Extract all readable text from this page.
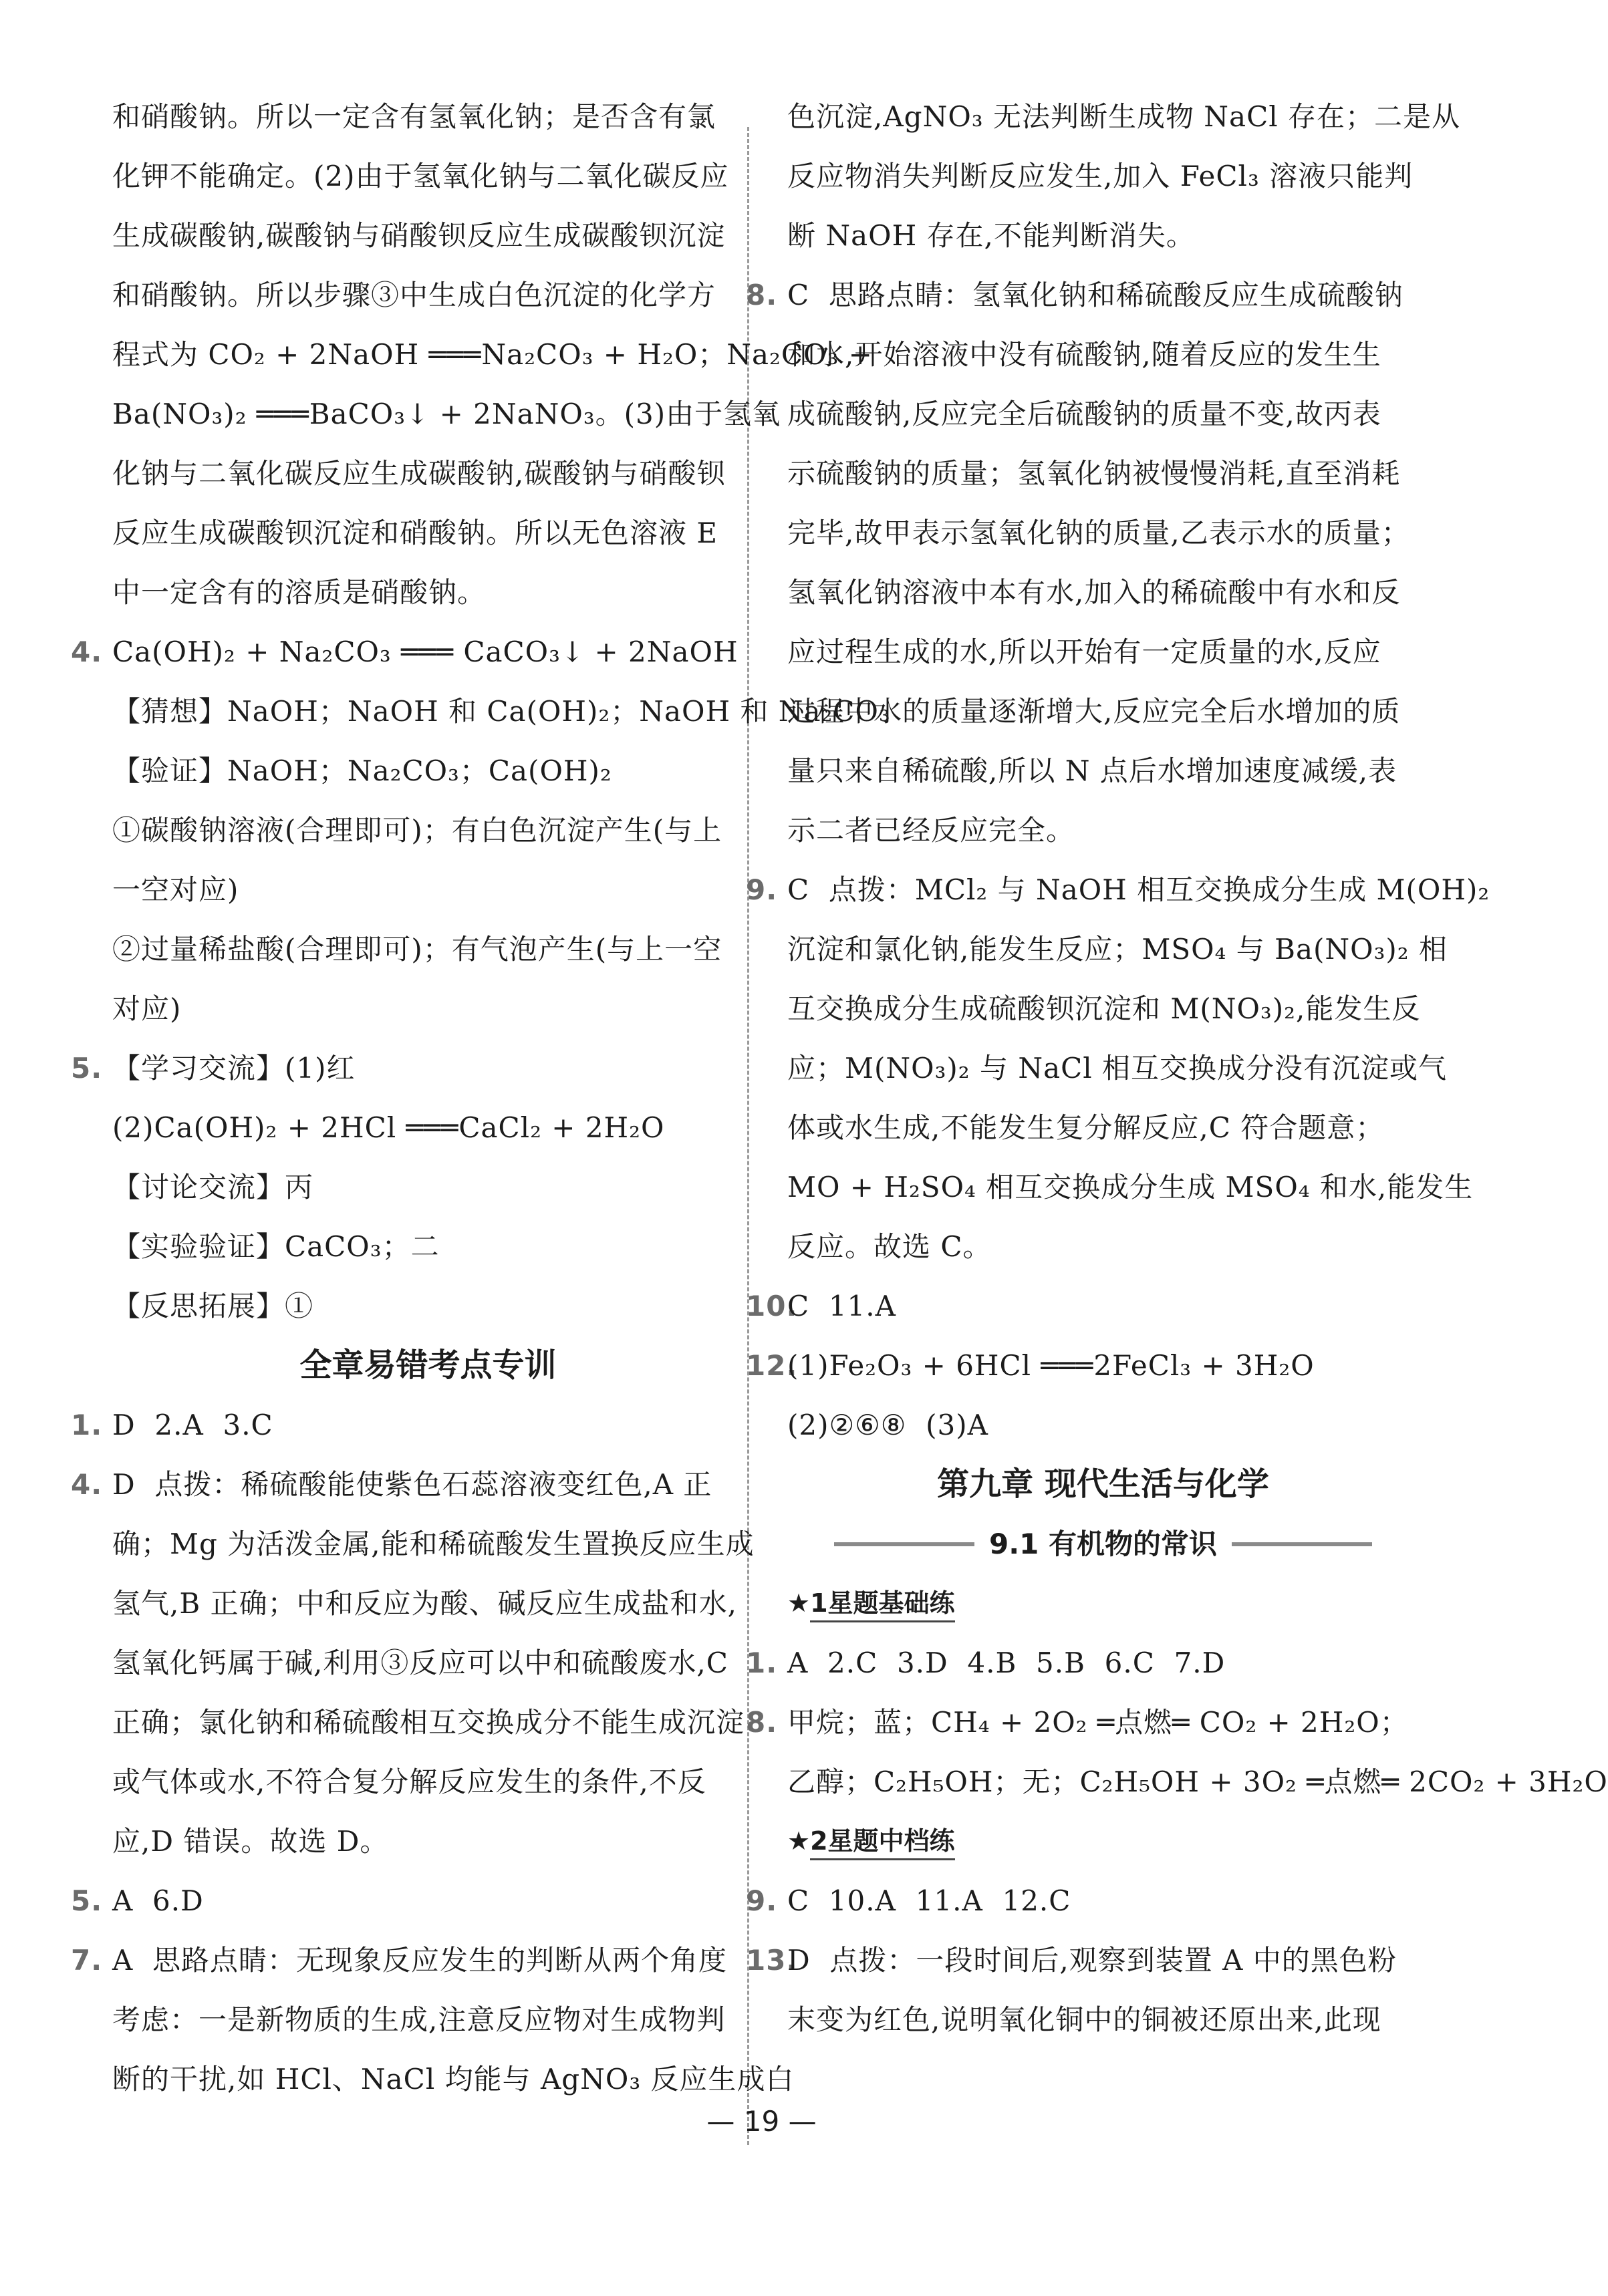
和硝酸钠。所以一定含有氢氧化钠；是否含有氯
化钾不能确定。(2)由于氢氧化钠与二氧化碳反应
生成碳酸钠,碳酸钠与硝酸钡反应生成碳酸钡沉淀
和硝酸钠。所以步骤③中生成白色沉淀的化学方
程式为 CO₂ + 2NaOH ═══Na₂CO₃ + H₂O；Na₂CO₃ +
Ba(NO₃)₂ ═══BaCO₃↓ + 2NaNO₃。(3)由于氢氧
化钠与二氧化碳反应生成碳酸钠,碳酸钠与硝酸钡
反应生成碳酸钡沉淀和硝酸钠。所以无色溶液 E
中一定含有的溶质是硝酸钠。
4. Ca(OH)₂ + Na₂CO₃ ═══ CaCO₃↓ + 2NaOH
【猜想】NaOH；NaOH 和 Ca(OH)₂；NaOH 和 Na₂CO₃
【验证】NaOH；Na₂CO₃；Ca(OH)₂
①碳酸钠溶液(合理即可)；有白色沉淀产生(与上
一空对应)
②过量稀盐酸(合理即可)；有气泡产生(与上一空
对应)
5. 【学习交流】(1)红
(2)Ca(OH)₂ + 2HCl ═══CaCl₂ + 2H₂O
【讨论交流】丙
【实验验证】CaCO₃；二
【反思拓展】①
全章易错考点专训
1. D  2.A  3.C
4. D  点拨：稀硫酸能使紫色石蕊溶液变红色,A 正
确；Mg 为活泼金属,能和稀硫酸发生置换反应生成
氢气,B 正确；中和反应为酸、碱反应生成盐和水,
氢氧化钙属于碱,利用③反应可以中和硫酸废水,C
正确；氯化钠和稀硫酸相互交换成分不能生成沉淀
或气体或水,不符合复分解反应发生的条件,不反
应,D 错误。故选 D。
5. A  6.D
7. A  思路点睛：无现象反应发生的判断从两个角度
考虑：一是新物质的生成,注意反应物对生成物判
断的干扰,如 HCl、NaCl 均能与 AgNO₃ 反应生成白
色沉淀,AgNO₃ 无法判断生成物 NaCl 存在；二是从
反应物消失判断反应发生,加入 FeCl₃ 溶液只能判
断 NaOH 存在,不能判断消失。
8. C  思路点睛：氢氧化钠和稀硫酸反应生成硫酸钠
和水,开始溶液中没有硫酸钠,随着反应的发生生
成硫酸钠,反应完全后硫酸钠的质量不变,故丙表
示硫酸钠的质量；氢氧化钠被慢慢消耗,直至消耗
完毕,故甲表示氢氧化钠的质量,乙表示水的质量；
氢氧化钠溶液中本有水,加入的稀硫酸中有水和反
应过程生成的水,所以开始有一定质量的水,反应
过程中水的质量逐渐增大,反应完全后水增加的质
量只来自稀硫酸,所以 N 点后水增加速度减缓,表
示二者已经反应完全。
9. C  点拨：MCl₂ 与 NaOH 相互交换成分生成 M(OH)₂
沉淀和氯化钠,能发生反应；MSO₄ 与 Ba(NO₃)₂ 相
互交换成分生成硫酸钡沉淀和 M(NO₃)₂,能发生反
应；M(NO₃)₂ 与 NaCl 相互交换成分没有沉淀或气
体或水生成,不能发生复分解反应,C 符合题意；
MO + H₂SO₄ 相互交换成分生成 MSO₄ 和水,能发生
反应。故选 C。
10.C  11.A
12.(1)Fe₂O₃ + 6HCl ═══2FeCl₃ + 3H₂O
(2)②⑥⑧  (3)A
第九章 现代生活与化学
9.1 有机物的常识
★1星题基础练
1. A  2.C  3.D  4.B  5.B  6.C  7.D
8. 甲烷；蓝；CH₄ + 2O₂ ═点燃═ CO₂ + 2H₂O；
乙醇；C₂H₅OH；无；C₂H₅OH + 3O₂ ═点燃═ 2CO₂ + 3H₂O
★2星题中档练
9. C  10.A  11.A  12.C
13.D  点拨：一段时间后,观察到装置 A 中的黑色粉
末变为红色,说明氧化铜中的铜被还原出来,此现
— 19 —
